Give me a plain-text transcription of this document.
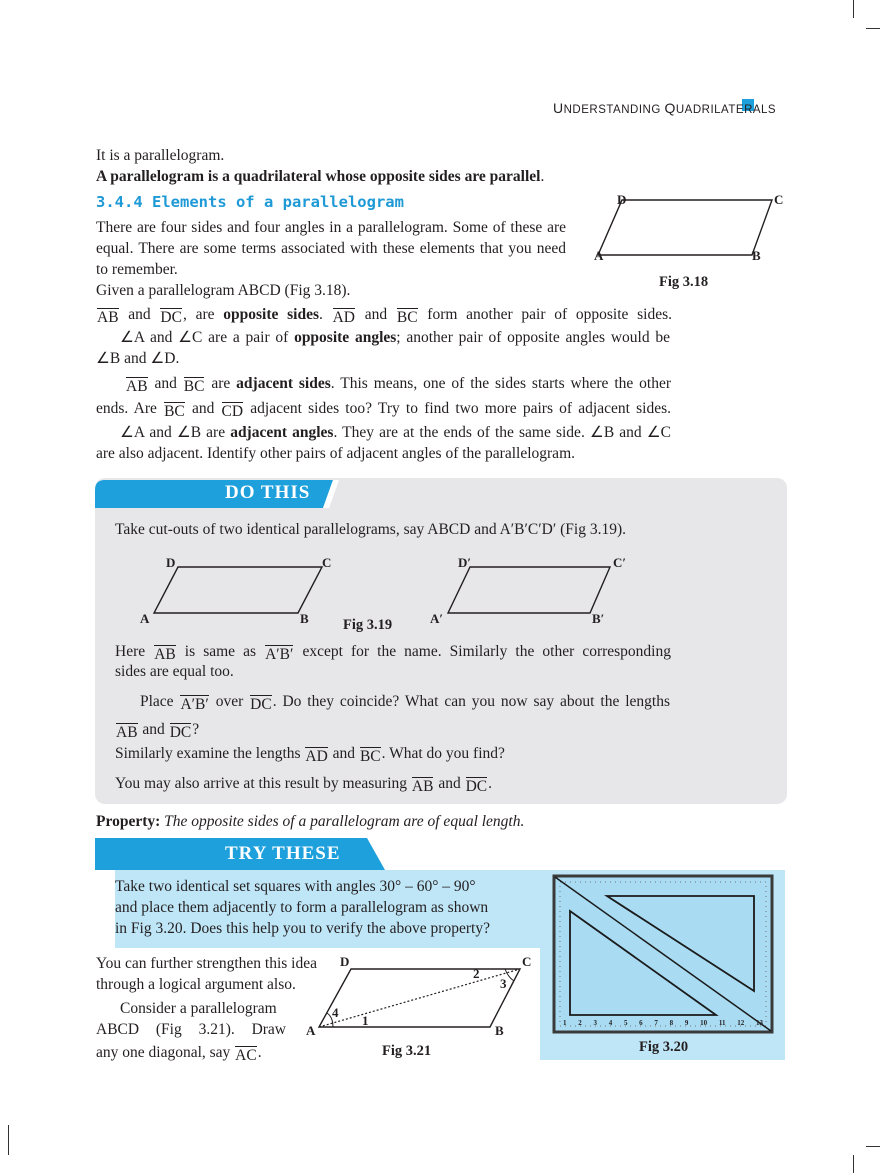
UNDERSTANDING QUADRILATERALS
It is a parallelogram.
A parallelogram is a quadrilateral whose opposite sides are parallel.
There are four sides and four angles in a parallelogram. Some of these are
equal. There are some terms associated with these elements that you need
to remember.
Given a parallelogram ABCD (Fig 3.18).
AB and DC, are opposite sides. AD and BC form another pair of opposite sides.
∠A and ∠C are a pair of opposite angles; another pair of opposite angles would be
∠B and ∠D.
AB and BC are adjacent sides. This means, one of the sides starts where the other
ends. Are BC and CD adjacent sides too? Try to find two more pairs of adjacent sides.
∠A and ∠B are adjacent angles. They are at the ends of the same side. ∠B and ∠C
are also adjacent. Identify other pairs of adjacent angles of the parallelogram.
3.4.4 Elements of a parallelogram	D	C
A	B
Fig 3.18
DO THIS
Take cut-outs of two identical parallelograms, say ABCD and A′B′C′D′ (Fig 3.19).
Here AB is same as A′B′ except for the name. Similarly the other corresponding
sides are equal too.
Place A′B′ over DC. Do they coincide? What can you now say about the lengths
AB and DC?
Similarly examine the lengths AD and BC. What do you find?
You may also arrive at this result by measuring AB and DC.
D	C
A	B
D′	C′
A′	B′
Fig 3.19
Property: The opposite sides of a parallelogram are of equal length.
TRY THESE
Take two identical set squares with angles 30° – 60° – 90°
and place them adjacently to form a parallelogram as shown
in Fig 3.20. Does this help you to verify the above property?
1 2 3 4 5 6 7 8 9 10 11 12 13
Fig 3.20
You can further strengthen this idea
through a logical argument also.
Consider a parallelogram
ABCD (Fig 3.21). Draw
any one diagonal, say AC.
D	C
A	B
1
2
3
4
Fig 3.21
